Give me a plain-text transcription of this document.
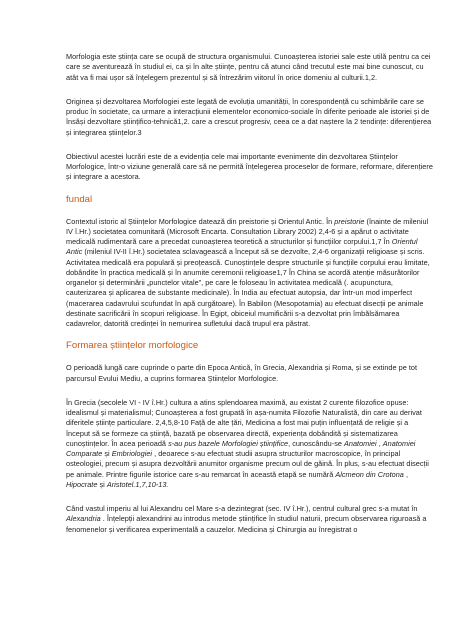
Morfologia este știința care se ocupă de structura organismului. Cunoașterea istoriei sale este utilă pentru ca cei care se aventurează în studiul ei, ca și în alte științe, pentru că atunci când trecutul este mai bine cunoscut, cu atât va fi mai ușor să înțelegem prezentul și să întrezărim viitorul în orice domeniu al culturii.1,2.

Originea și dezvoltarea Morfologiei este legată de evoluția umanității, în corespondență cu schimbările care se produc în societate, ca urmare a interacțiunii elementelor economico-sociale în diferite perioade ale istoriei și de însăși dezvoltare științifico-tehnică1,2. care a crescut progresiv, ceea ce a dat naștere la 2 tendințe: diferențierea și integrarea științelor.3

Obiectivul acestei lucrări este de a evidenția cele mai importante evenimente din dezvoltarea Științelor Morfologice, într-o viziune generală care să ne permită înțelegerea proceselor de formare, reformare, diferențiere și integrare a acestora.

fundal

Contextul istoric al Științelor Morfologice datează din preistorie și Orientul Antic. În preistorie (înainte de mileniul IV î.Hr.) societatea comunitară (Microsoft Encarta. Consultation Library 2002) 2,4-6 și a apărut o activitate medicală rudimentară care a precedat cunoașterea teoretică a structurilor și funcțiilor corpului.1,7 În Orientul Antic (mileniul IV-II î.Hr.) societatea sclavagească a început să se dezvolte, 2,4-6 organizații religioase și scris. Activitatea medicală era populară și preoțească. Cunoștințele despre structurile și funcțiile corpului erau limitate, dobândite în practica medicală și în anumite ceremonii religioase1,7 În China se acordă atenție măsurătorilor organelor și determinării „punctelor vitale”, pe care le foloseau în activitatea medicală (. acupunctura, cauterizarea și aplicarea de substante medicinale). În India au efectuat autopsia, dar într-un mod imperfect (macerarea cadavrului scufundat în apă curgătoare). În Babilon (Mesopotamia) au efectuat disecții pe animale destinate sacrificării în scopuri religioase. În Egipt, obiceiul mumificării s-a dezvoltat prin îmbălsămarea cadavrelor, datorită credinței în nemurirea sufletului dacă trupul era păstrat.

Formarea științelor morfologice

O perioadă lungă care cuprinde o parte din Epoca Antică, în Grecia, Alexandria și Roma, și se extinde pe tot parcursul Evului Mediu, a cuprins formarea Științelor Morfologice.

În Grecia (secolele VI - IV î.Hr.) cultura a atins splendoarea maximă, au existat 2 curente filozofice opuse: idealismul și materialismul; Cunoașterea a fost grupată în așa-numita Filozofie Naturalistă, din care au derivat diferitele științe particulare. 2,4,5,8-10 Față de alte țări, Medicina a fost mai puțin influențată de religie și a început să se formeze ca știință, bazată pe observarea directă, experiența dobândită și sistematizarea cunoștințelor. În acea perioadă s-au pus bazele Morfologiei științifice, cunoscându-se Anatomiei , Anatomiei Comparate și Embriologiei , deoarece s-au efectuat studii asupra structurilor macroscopice, în principal osteologiei, precum și asupra dezvoltării anumitor organisme precum oul de găină. În plus, s-au efectuat disecții pe animale. Printre figurile istorice care s-au remarcat în această etapă se numără Alcmeon din Crotona , Hipocrate și Aristotel.1,7,10-13.

Când vastul imperiu al lui Alexandru cel Mare s-a dezintegrat (sec. IV î.Hr.), centrul cultural grec s-a mutat în Alexandria . Înțelepții alexandrini au introdus metode științifice în studiul naturii, precum observarea riguroasă a fenomenelor și verificarea experimentală a cauzelor. Medicina și Chirurgia au înregistrat o
